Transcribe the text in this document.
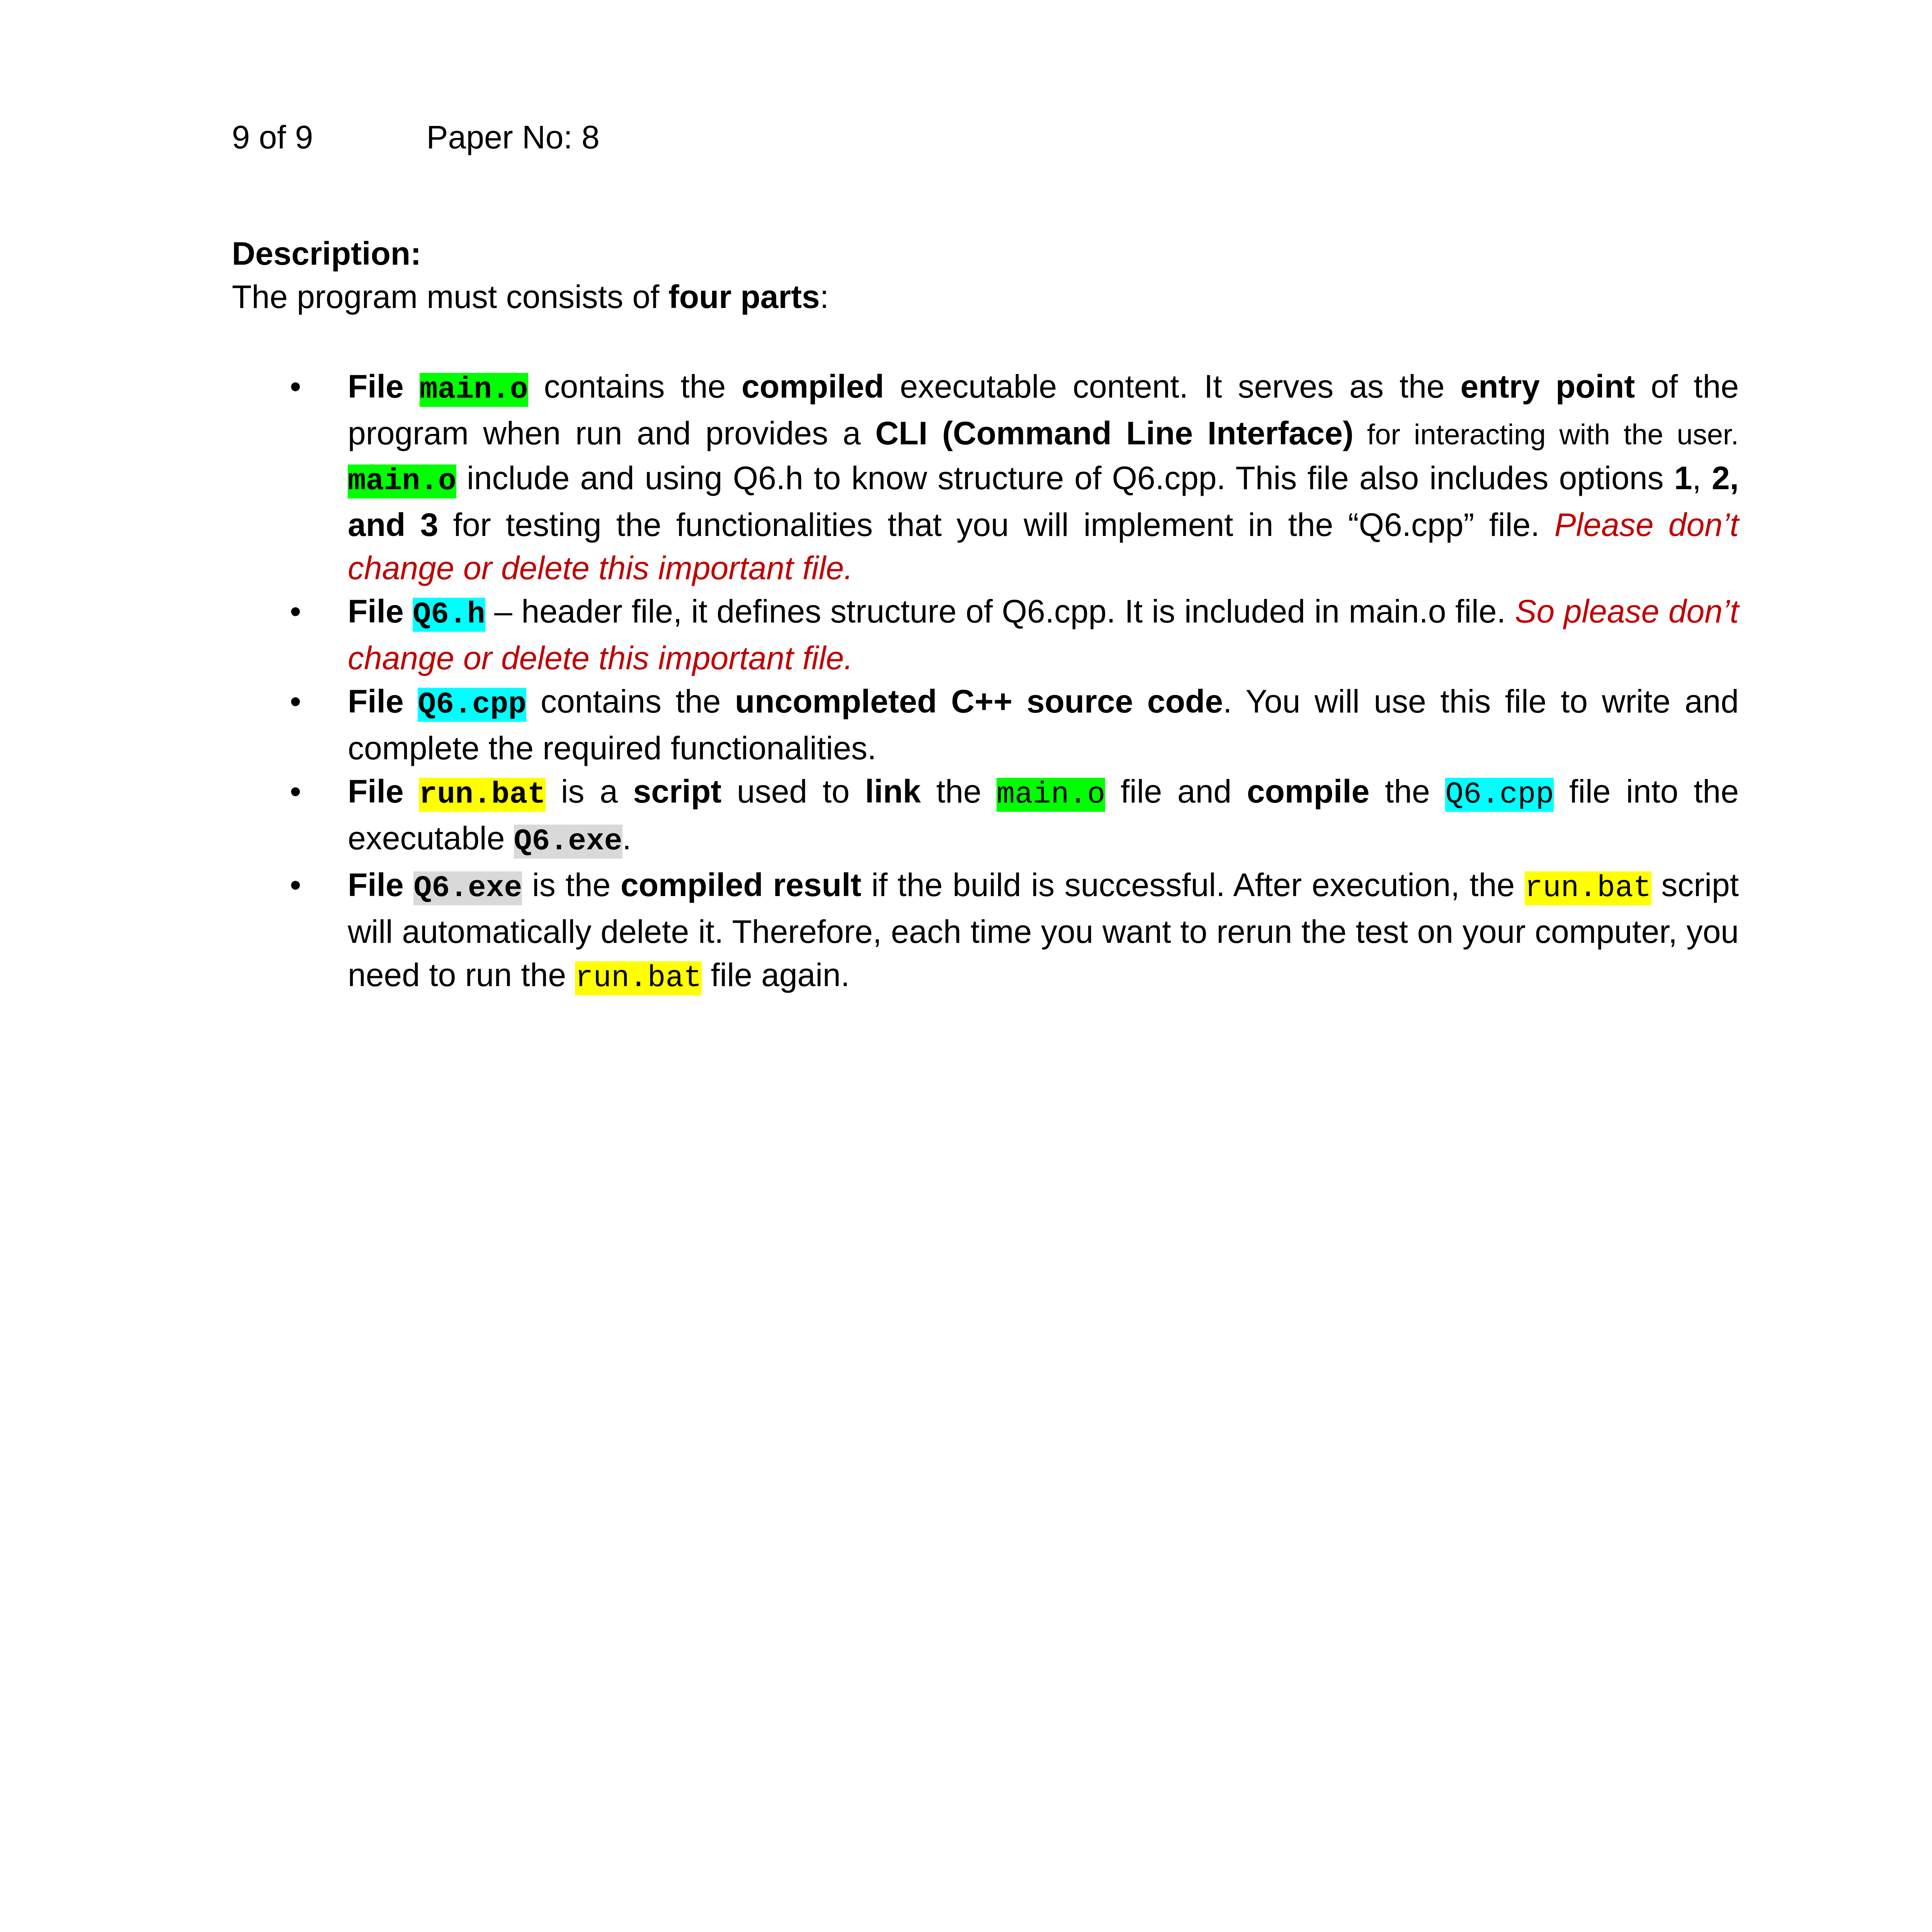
9 of 9	Paper No: 8

Description:

The program must consists of four parts:

• File main.o contains the compiled executable content. It serves as the entry point of the program when run and provides a CLI (Command Line Interface) for interacting with the user. main.o include and using Q6.h to know structure of Q6.cpp. This file also includes options 1, 2, and 3 for testing the functionalities that you will implement in the “Q6.cpp” file. Please don’t change or delete this important file.
• File Q6.h – header file, it defines structure of Q6.cpp. It is included in main.o file. So please don’t change or delete this important file.
• File Q6.cpp contains the uncompleted C++ source code. You will use this file to write and complete the required functionalities.
• File run.bat is a script used to link the main.o file and compile the Q6.cpp file into the executable Q6.exe.
• File Q6.exe is the compiled result if the build is successful. After execution, the run.bat script will automatically delete it. Therefore, each time you want to rerun the test on your computer, you need to run the run.bat file again.
